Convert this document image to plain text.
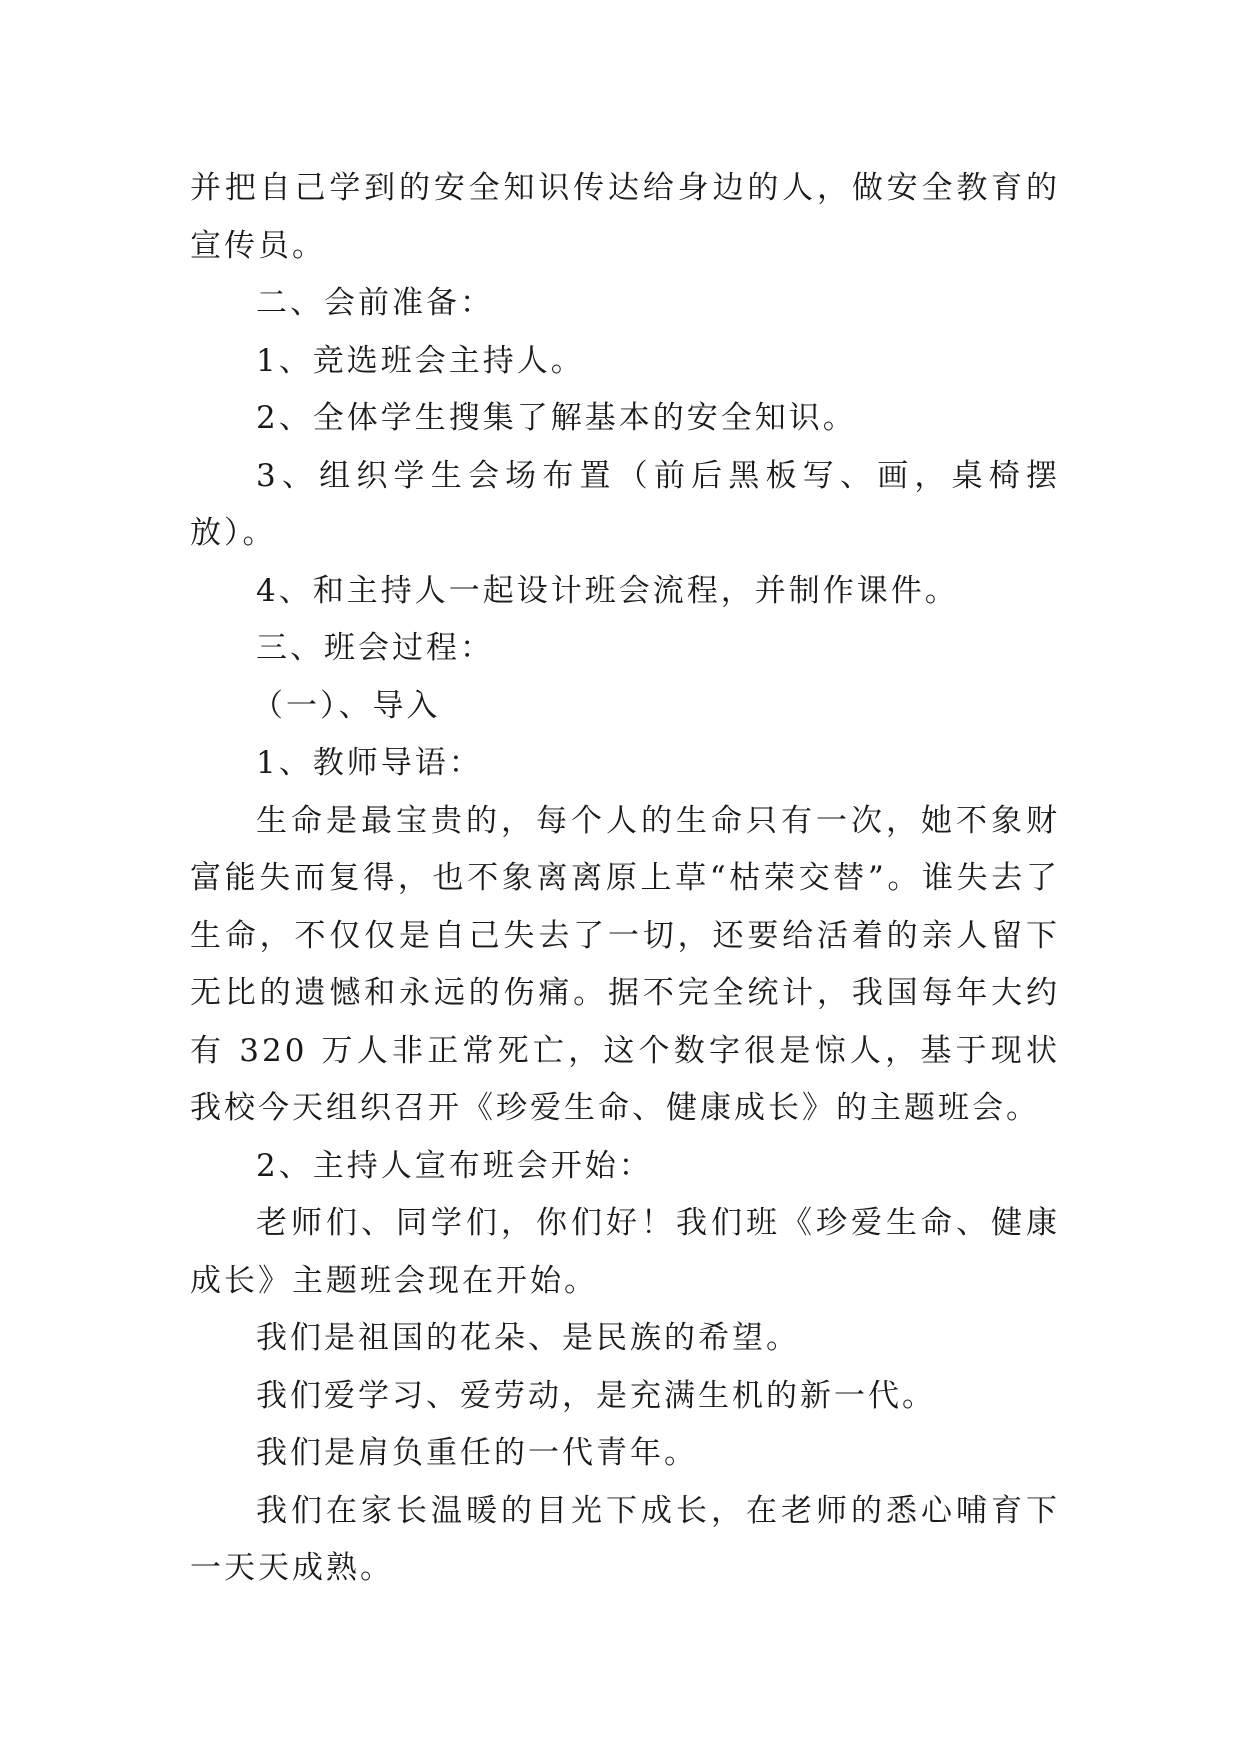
并把自己学到的安全知识传达给身边的人，做安全教育的宣传员。

二、会前准备：

1、竞选班会主持人。

2、全体学生搜集了解基本的安全知识。

3、组织学生会场布置（前后黑板写、画，桌椅摆放）。

4、和主持人一起设计班会流程，并制作课件。

三、班会过程：

（一）、导入

1、教师导语：

生命是最宝贵的，每个人的生命只有一次，她不象财富能失而复得，也不象离离原上草“枯荣交替”。谁失去了生命，不仅仅是自己失去了一切，还要给活着的亲人留下无比的遗憾和永远的伤痛。据不完全统计，我国每年大约有 320 万人非正常死亡，这个数字很是惊人，基于现状我校今天组织召开《珍爱生命、健康成长》的主题班会。

2、主持人宣布班会开始：

老师们、同学们，你们好！我们班《珍爱生命、健康成长》主题班会现在开始。

我们是祖国的花朵、是民族的希望。

我们爱学习、爱劳动，是充满生机的新一代。

我们是肩负重任的一代青年。

我们在家长温暖的目光下成长，在老师的悉心哺育下一天天成熟。
